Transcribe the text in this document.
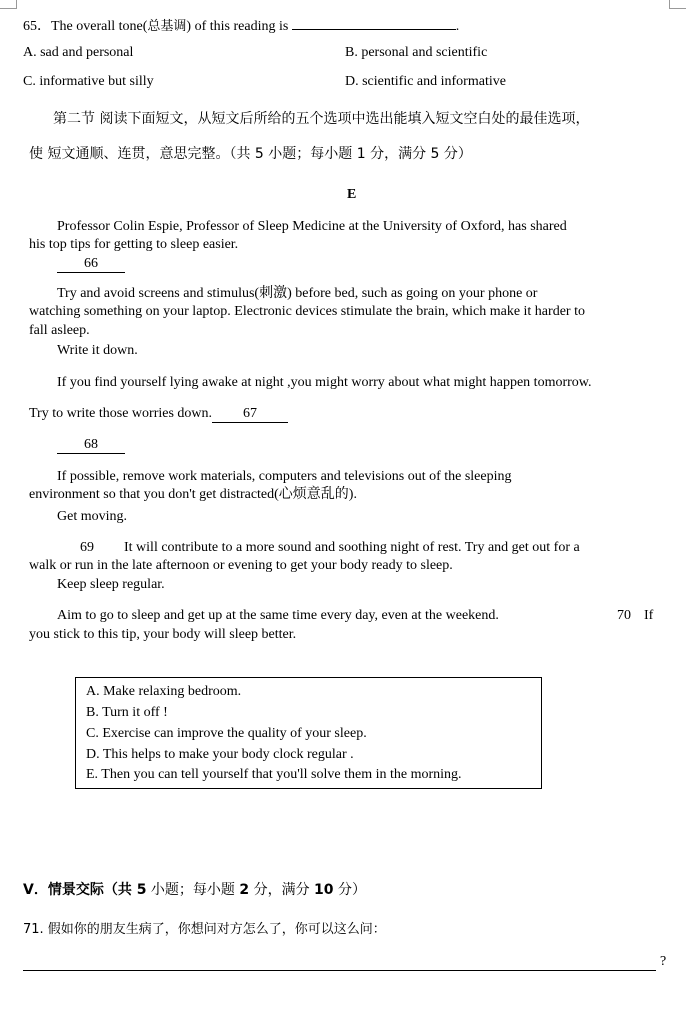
65．The overall tone(总基调) of this reading is	.
A. sad and personal	B. personal and scientific
C. informative but silly	D. scientific and informative
第二节 阅读下面短文，从短文后所给的五个选项中选出能填入短文空白处的最佳选项，
使 短文通顺、连贯，意思完整。（共 5 小题；每小题 1 分，满分 5 分）
E
Professor Colin Espie, Professor of Sleep Medicine at the University of Oxford, has shared
his top tips for getting to sleep easier.
66
Try and avoid screens and stimulus(刺激) before bed, such as going on your phone or
watching something on your laptop. Electronic devices stimulate the brain, which make it harder to
fall asleep.
Write it down.
If you find yourself lying awake at night ,you might worry about what might happen tomorrow.
Try to write those worries down. 67
68
If possible, remove work materials, computers and televisions out of the sleeping
environment so that you don't get distracted(心烦意乱的).
Get moving.
69 It will contribute to a more sound and soothing night of rest. Try and get out for a
walk or run in the late afternoon or evening to get your body ready to sleep.
Keep sleep regular.
Aim to go to sleep and get up at the same time every day, even at the weekend.	70 If
you stick to this tip, your body will sleep better.
A. Make relaxing bedroom.
B. Turn it off !
C. Exercise can improve the quality of your sleep.
D. This helps to make your body clock regular .
E. Then you can tell yourself that you'll solve them in the morning.
V．情景交际（共 5 小题；每小题 2 分，满分 10 分）
71. 假如你的朋友生病了，你想问对方怎么了，你可以这么问：
?
